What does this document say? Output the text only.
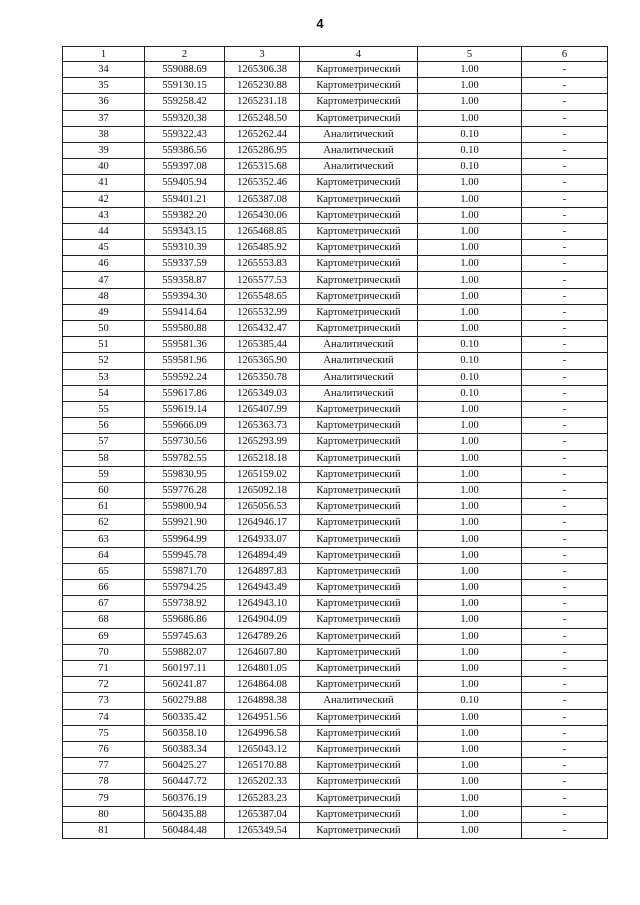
4
1	2	3	4	5	6
34	559088.69	1265306.38	Картометрический	1.00	-
35	559130.15	1265230.88	Картометрический	1.00	-
36	559258.42	1265231.18	Картометрический	1.00	-
37	559320.38	1265248.50	Картометрический	1.00	-
38	559322.43	1265262.44	Аналитический	0.10	-
39	559386.56	1265286.95	Аналитический	0.10	-
40	559397.08	1265315.68	Аналитический	0.10	-
41	559405.94	1265352.46	Картометрический	1.00	-
42	559401.21	1265387.08	Картометрический	1.00	-
43	559382.20	1265430.06	Картометрический	1.00	-
44	559343.15	1265468.85	Картометрический	1.00	-
45	559310.39	1265485.92	Картометрический	1.00	-
46	559337.59	1265553.83	Картометрический	1.00	-
47	559358.87	1265577.53	Картометрический	1.00	-
48	559394.30	1265548.65	Картометрический	1.00	-
49	559414.64	1265532.99	Картометрический	1.00	-
50	559580.88	1265432.47	Картометрический	1.00	-
51	559581.36	1265385.44	Аналитический	0.10	-
52	559581.96	1265365.90	Аналитический	0.10	-
53	559592.24	1265350.78	Аналитический	0.10	-
54	559617.86	1265349.03	Аналитический	0.10	-
55	559619.14	1265407.99	Картометрический	1.00	-
56	559666.09	1265363.73	Картометрический	1.00	-
57	559730.56	1265293.99	Картометрический	1.00	-
58	559782.55	1265218.18	Картометрический	1.00	-
59	559830.95	1265159.02	Картометрический	1.00	-
60	559776.28	1265092.18	Картометрический	1.00	-
61	559800.94	1265056.53	Картометрический	1.00	-
62	559921.90	1264946.17	Картометрический	1.00	-
63	559964.99	1264933.07	Картометрический	1.00	-
64	559945.78	1264894.49	Картометрический	1.00	-
65	559871.70	1264897.83	Картометрический	1.00	-
66	559794.25	1264943.49	Картометрический	1.00	-
67	559738.92	1264943.10	Картометрический	1.00	-
68	559686.86	1264904.09	Картометрический	1.00	-
69	559745.63	1264789.26	Картометрический	1.00	-
70	559882.07	1264607.80	Картометрический	1.00	-
71	560197.11	1264801.05	Картометрический	1.00	-
72	560241.87	1264864.08	Картометрический	1.00	-
73	560279.88	1264898.38	Аналитический	0.10	-
74	560335.42	1264951.56	Картометрический	1.00	-
75	560358.10	1264996.58	Картометрический	1.00	-
76	560383.34	1265043.12	Картометрический	1.00	-
77	560425.27	1265170.88	Картометрический	1.00	-
78	560447.72	1265202.33	Картометрический	1.00	-
79	560376.19	1265283.23	Картометрический	1.00	-
80	560435.88	1265387.04	Картометрический	1.00	-
81	560484.48	1265349.54	Картометрический	1.00	-
